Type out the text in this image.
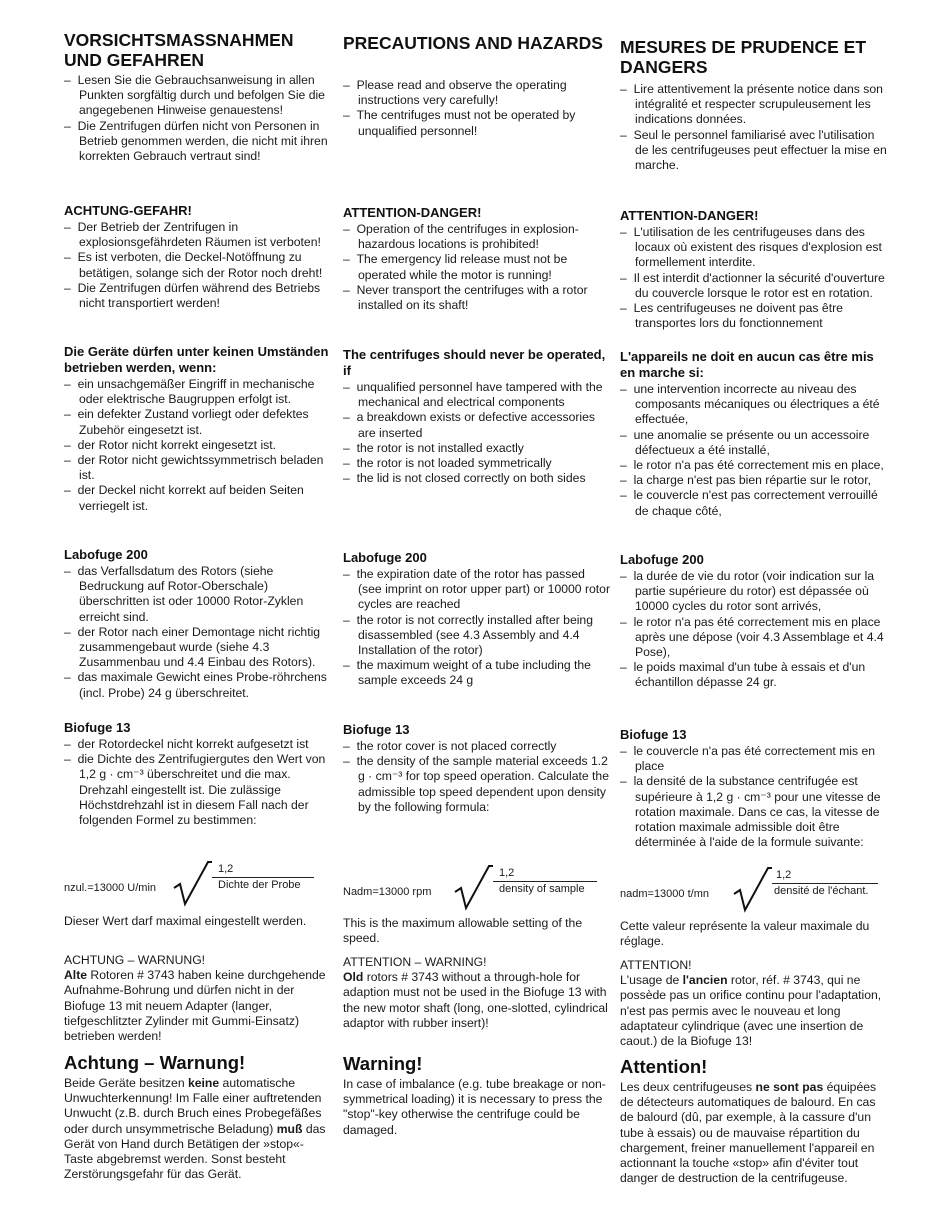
VORSICHTSMASSNAHMEN UND GEFAHREN
–  Lesen Sie die Gebrauchsanweisung in allen Punkten sorgfältig durch und befolgen Sie die angegebenen Hinweise genauestens!
–  Die Zentrifugen dürfen nicht von Personen in Betrieb genommen werden, die nicht mit ihren korrekten Gebrauch vertraut sind!
ACHTUNG-GEFAHR!
–  Der Betrieb der Zentrifugen in explosionsgefährdeten Räumen ist verboten!
–  Es ist verboten, die Deckel-Notöffnung zu betätigen, solange sich der Rotor noch dreht!
–  Die Zentrifugen dürfen während des Betriebs nicht transportiert werden!
Die Geräte dürfen unter keinen Umständen betrieben werden, wenn:
–  ein unsachgemäßer Eingriff in mechanische oder elektrische Baugruppen erfolgt ist.
–  ein defekter Zustand vorliegt oder defektes Zubehör eingesetzt ist.
–  der Rotor nicht korrekt eingesetzt ist.
–  der Rotor nicht gewichtssymmetrisch beladen ist.
–  der Deckel nicht korrekt auf beiden Seiten verriegelt ist.
Labofuge 200
–  das Verfallsdatum des Rotors (siehe Bedruckung auf Rotor-Oberschale) überschritten ist oder 10000 Rotor-Zyklen erreicht sind.
–  der Rotor nach einer Demontage nicht richtig zusammengebaut wurde (siehe 4.3 Zusammenbau und 4.4 Einbau des Rotors).
–  das maximale Gewicht eines Probe-röhrchens (incl. Probe) 24 g überschreitet.
Biofuge 13
–  der Rotordeckel nicht korrekt aufgesetzt ist
–  die Dichte des Zentrifugiergutes den Wert von 1,2 g · cm⁻³ überschreitet und die max. Drehzahl eingestellt ist. Die zulässige Höchstdrehzahl ist in diesem Fall nach der folgenden Formel zu bestimmen:
nzul.=13000 U/min
1,2
Dichte der Probe

Dieser Wert darf maximal eingestellt werden.

ACHTUNG – WARNUNG!

Alte Rotoren # 3743 haben keine durchgehende Aufnahme-Bohrung und dürfen nicht in der Biofuge 13 mit neuem Adapter (langer, tiefgeschlitzter Zylinder mit Gummi-Einsatz) betrieben werden!

Achtung – Warnung!

Beide Geräte besitzen keine automatische Unwuchterkennung! Im Falle einer auftretenden Unwucht (z.B. durch Bruch eines Probegefäßes oder durch unsymmetrische Beladung) muß das Gerät von Hand durch Betätigen der »stop«-Taste abgebremst werden. Sonst besteht Zerstörungsgefahr für das Gerät.

PRECAUTIONS AND HAZARDS
–  Please read and observe the operating instructions very carefully!
–  The centrifuges must not be operated by unqualified personnel!
ATTENTION-DANGER!
–  Operation of the centrifuges in explosion-hazardous locations is prohibited!
–  The emergency lid release must not be operated while the motor is running!
–  Never transport the centrifuges with a rotor installed on its shaft!
The centrifuges should never be operated, if
–  unqualified personnel have tampered with the mechanical and electrical components
–  a breakdown exists or defective accessories are inserted
–  the rotor is not installed exactly
–  the rotor is not loaded symmetrically
–  the lid is not closed correctly on both sides
Labofuge 200
–  the expiration date of the rotor has passed (see imprint on rotor upper part) or 10000 rotor cycles are reached
–  the rotor is not correctly installed after being disassembled (see 4.3 Assembly and 4.4 Installation of the rotor)
–  the maximum weight of a tube including the sample exceeds 24 g
Biofuge 13
–  the rotor cover is not placed correctly
–  the density of the sample material exceeds 1.2 g · cm⁻³ for top speed operation. Calculate the admissible top speed dependent upon density by the following formula:
Nadm=13000 rpm
1,2
density of sample

This is the maximum allowable setting of the speed.

ATTENTION – WARNING!

Old rotors # 3743 without a through-hole for adaption must not be used in the Biofuge 13 with the new motor shaft (long, one-slotted, cylindrical adaptor with rubber insert)!

Warning!

In case of imbalance (e.g. tube breakage or non-symmetrical loading) it is necessary to press the "stop"-key otherwise the centrifuge could be damaged.

MESURES DE PRUDENCE ET DANGERS
–  Lire attentivement la présente notice dans son intégralité et respecter scrupuleusement les indications données.
–  Seul le personnel familiarisé avec l'utilisation de les centrifugeuses peut effectuer la mise en marche.
ATTENTION-DANGER!
–  L'utilisation de les centrifugeuses dans des locaux où existent des risques d'explosion est formellement interdite.
–  Il est interdit d'actionner la sécurité d'ouverture du couvercle lorsque le rotor est en rotation.
–  Les centrifugeuses ne doivent pas être transportes lors du fonctionnement
L'appareils ne doit en aucun cas être mis en marche si:
–  une intervention incorrecte au niveau des composants mécaniques ou électriques a été effectuée,
–  une anomalie se présente ou un accessoire défectueux a été installé,
–  le rotor n'a pas été correctement mis en place,
–  la charge n'est pas bien répartie sur le rotor,
–  le couvercle n'est pas correctement verrouillé de chaque côté,
Labofuge 200
–  la durée de vie du rotor (voir indication sur la partie supérieure du rotor) est dépassée où 10000 cycles du rotor sont arrivés,
–  le rotor n'a pas été correctement mis en place après une dépose (voir 4.3 Assemblage et 4.4 Pose),
–  le poids maximal d'un tube à essais et d'un échantillon dépasse 24 gr.
Biofuge 13
–  le couvercle n'a pas été correctement mis en place
–  la densité de la substance centrifugée est supérieure à 1,2 g · cm⁻³ pour une vitesse de rotation maximale. Dans ce cas, la vitesse de rotation maximale admissible doit être déterminée à l'aide de la formule suivante:
nadm=13000 t/mn
1,2
densité de l'échant.

Cette valeur représente la valeur maximale du réglage.

ATTENTION!

L'usage de l'ancien rotor, réf. # 3743, qui ne possède pas un orifice continu pour l'adaptation, n'est pas permis avec le nouveau et long adaptateur cylindrique (avec une insertion de caout.) de la Biofuge 13!

Attention!

Les deux centrifugeuses ne sont pas équipées de détecteurs automatiques de balourd. En cas de balourd (dû, par exemple, à la cassure d'un tube à essais) ou de mauvaise répartition du chargement, freiner manuellement l'appareil en actionnant la touche «stop» afin d'éviter tout danger de destruction de la centrifugeuse.
